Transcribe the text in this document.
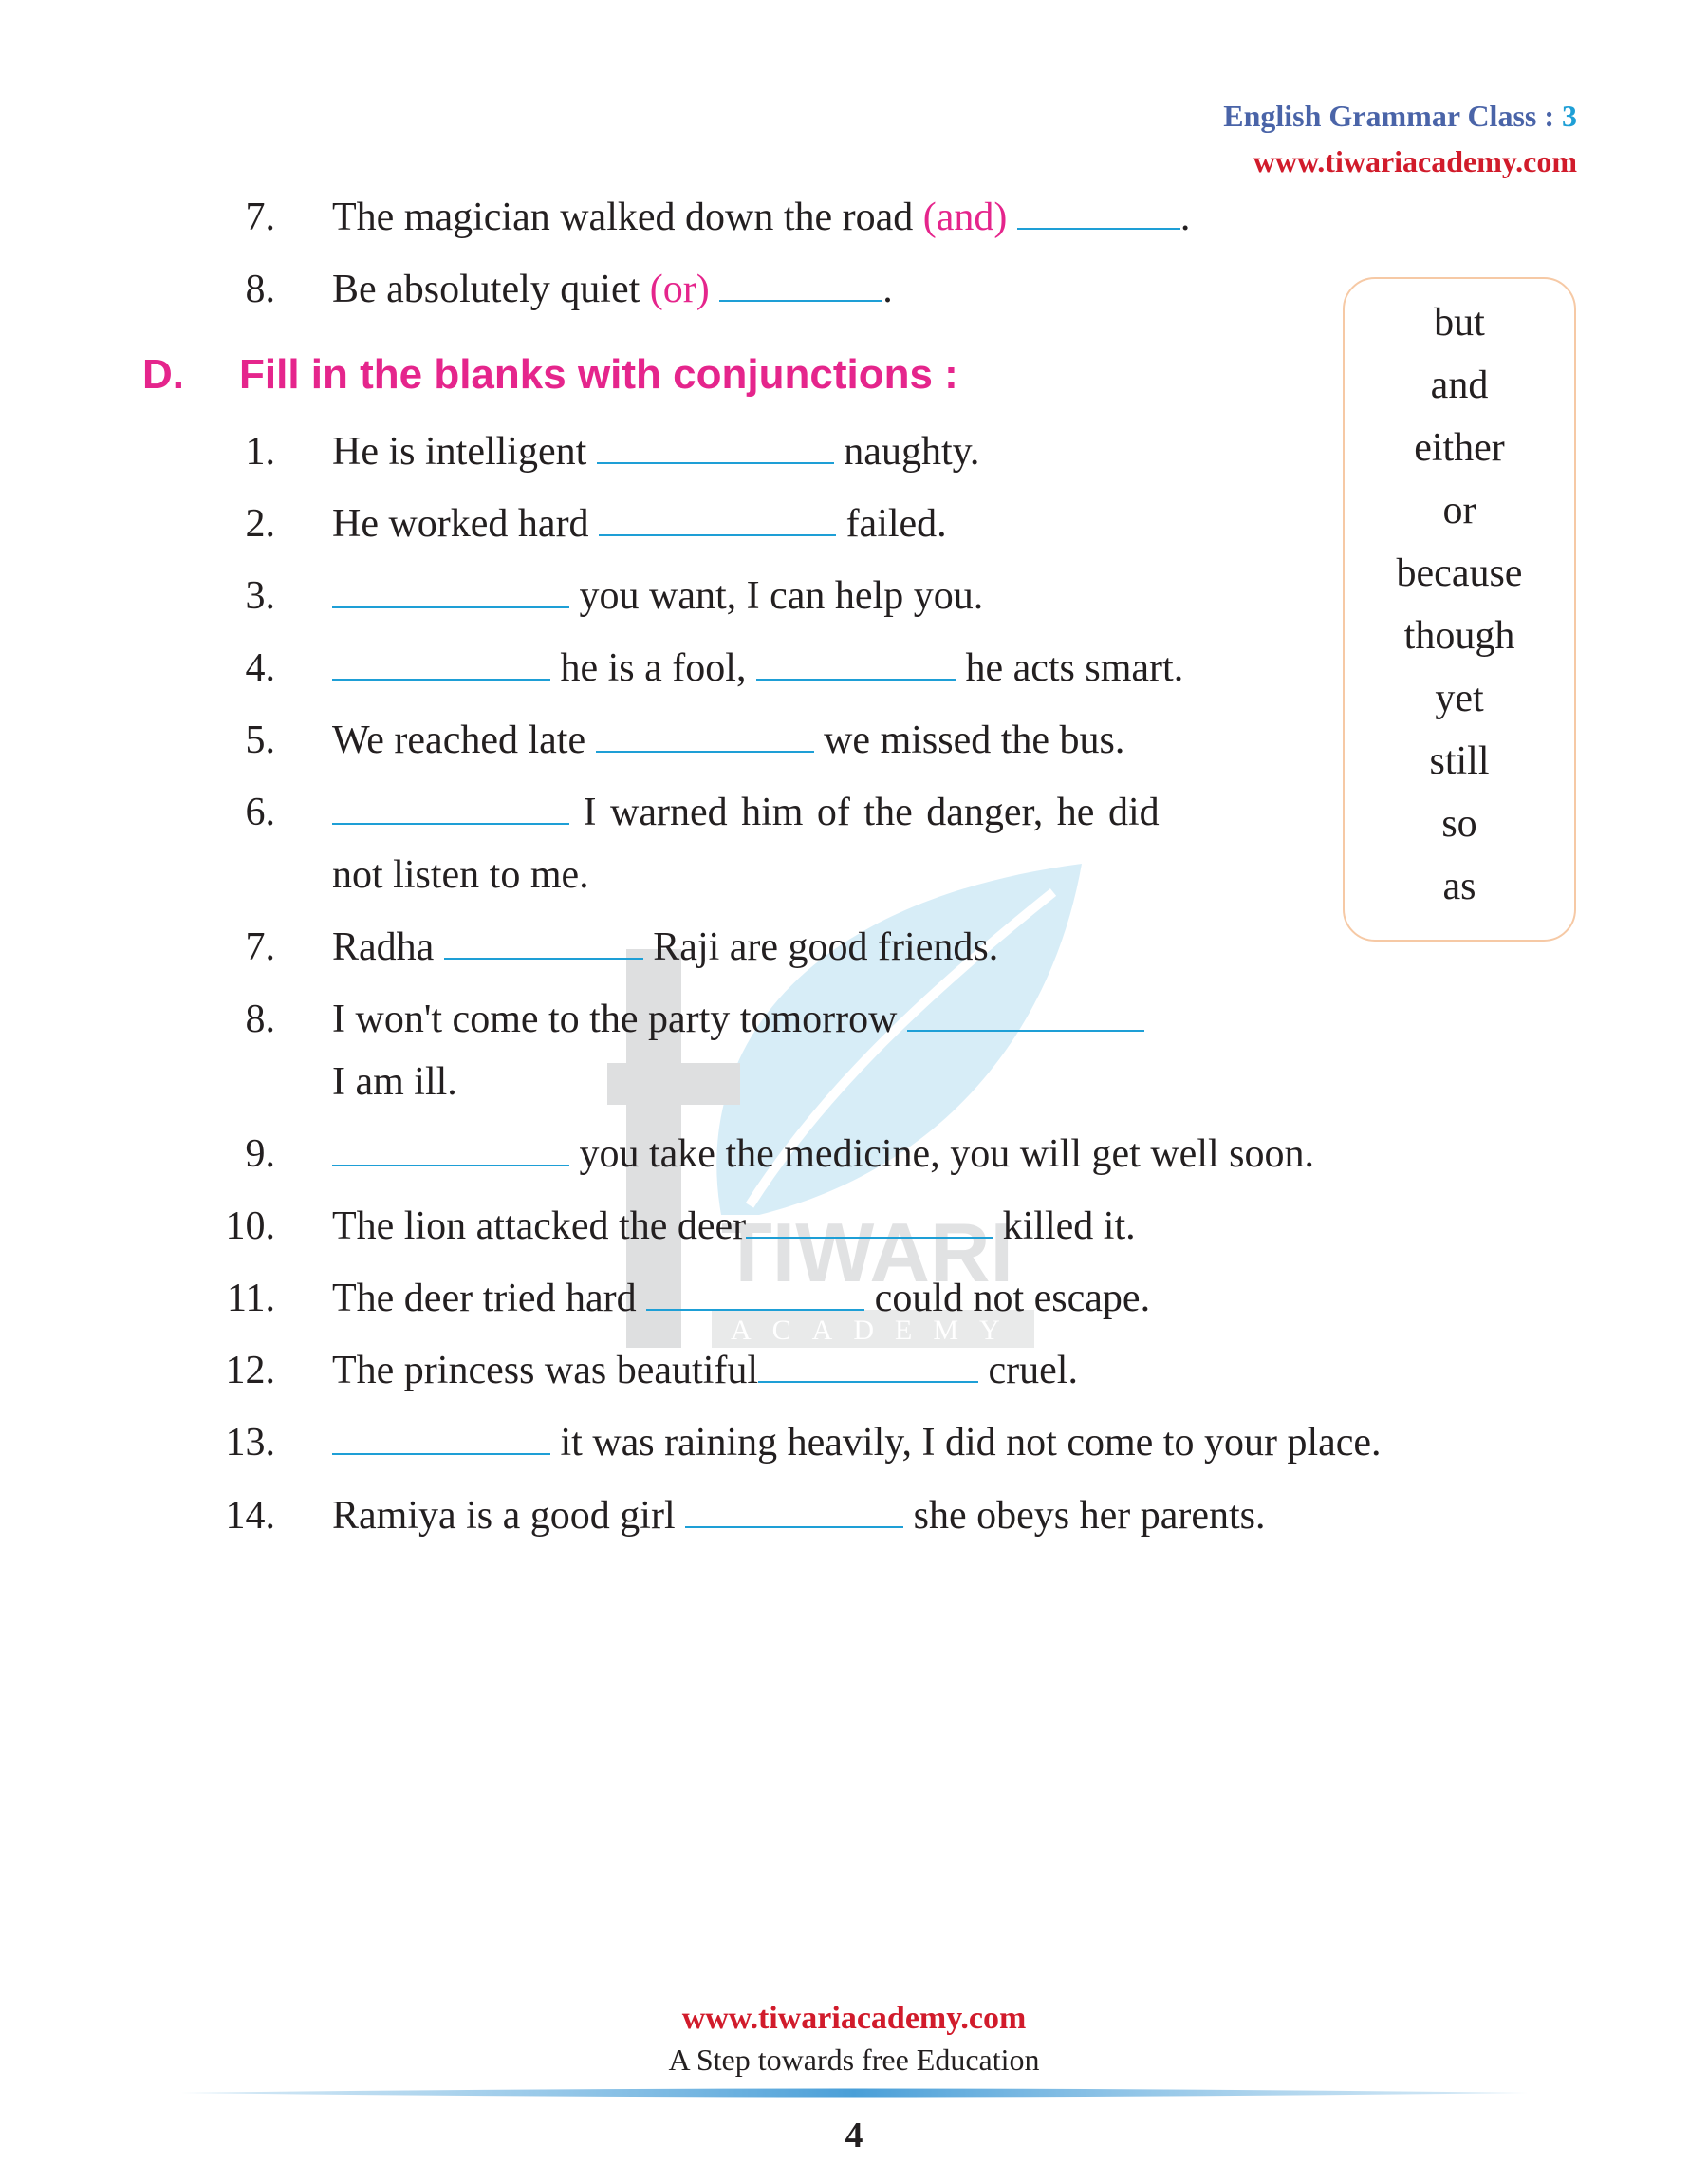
English Grammar Class : 3
www.tiwariacademy.com
TIWARI
ACADEMY
7. The magician walked down the road (and)	.
8. Be absolutely quiet (or)	.
D. Fill in the blanks with conjunctions :
1. He is intelligent	naughty.
2. He worked hard	failed.
3.	you want, I can help you.
4.	he is a fool,	he acts smart.
5. We reached late	we missed the bus.
6.	I warned him of the danger, he did
not listen to me.
7. Radha	Raji are good friends.
8. I won't come to the party tomorrow
I am ill.
9.	you take the medicine, you will get well soon.
10. The lion attacked the deer	killed it.
11. The deer tried hard	could not escape.
12. The princess was beautiful	cruel.
13.	it was raining heavily, I did not come to your place.
14. Ramiya is a good girl	she obeys her parents.
but
and
either
or
because
though
yet
still
so
as
www.tiwariacademy.com
A Step towards free Education
4
